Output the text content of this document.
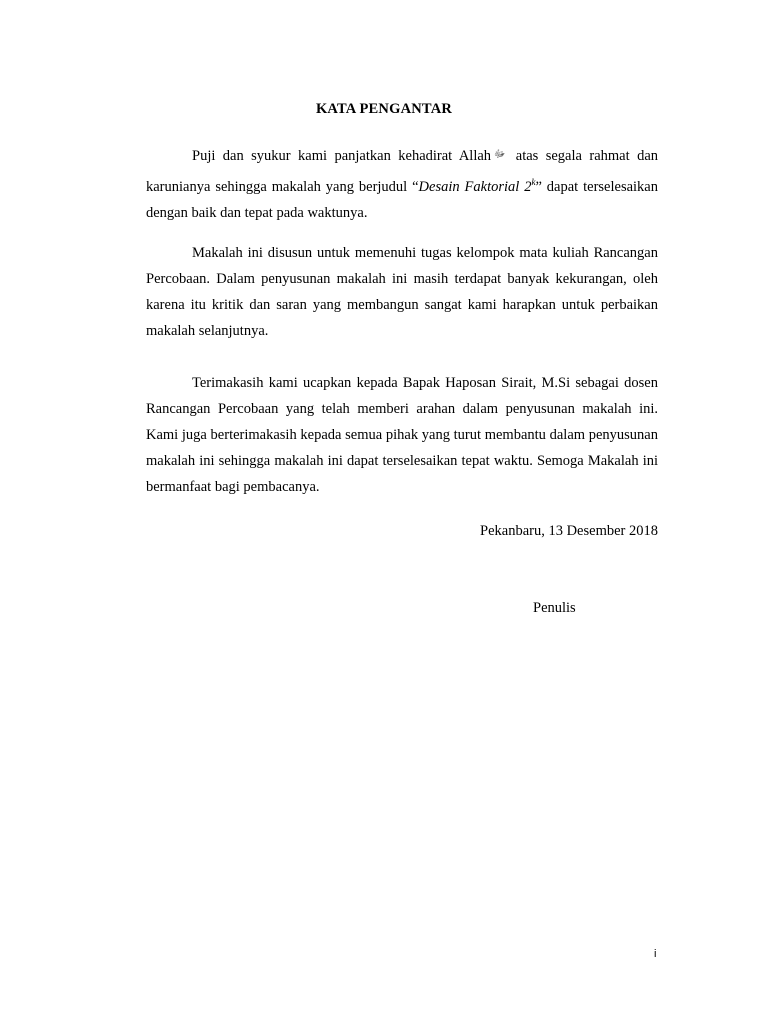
KATA PENGANTAR

Puji dan syukur kami panjatkan kehadirat Allah ﷻ atas segala rahmat dan karunianya sehingga makalah yang berjudul “Desain Faktorial 2$^k$” dapat terselesaikan dengan baik dan tepat pada waktunya.

Makalah ini disusun untuk memenuhi tugas kelompok mata kuliah Rancangan Percobaan. Dalam penyusunan makalah ini masih terdapat banyak kekurangan, oleh karena itu kritik dan saran yang membangun sangat kami harapkan untuk perbaikan makalah selanjutnya.

Terimakasih kami ucapkan kepada Bapak Haposan Sirait, M.Si sebagai dosen Rancangan Percobaan yang telah memberi arahan dalam penyusunan makalah ini. Kami juga berterimakasih kepada semua pihak yang turut membantu dalam penyusunan makalah ini sehingga makalah ini dapat terselesaikan tepat waktu. Semoga Makalah ini bermanfaat bagi pembacanya.

Pekanbaru, 13 Desember 2018
Penulis
i
